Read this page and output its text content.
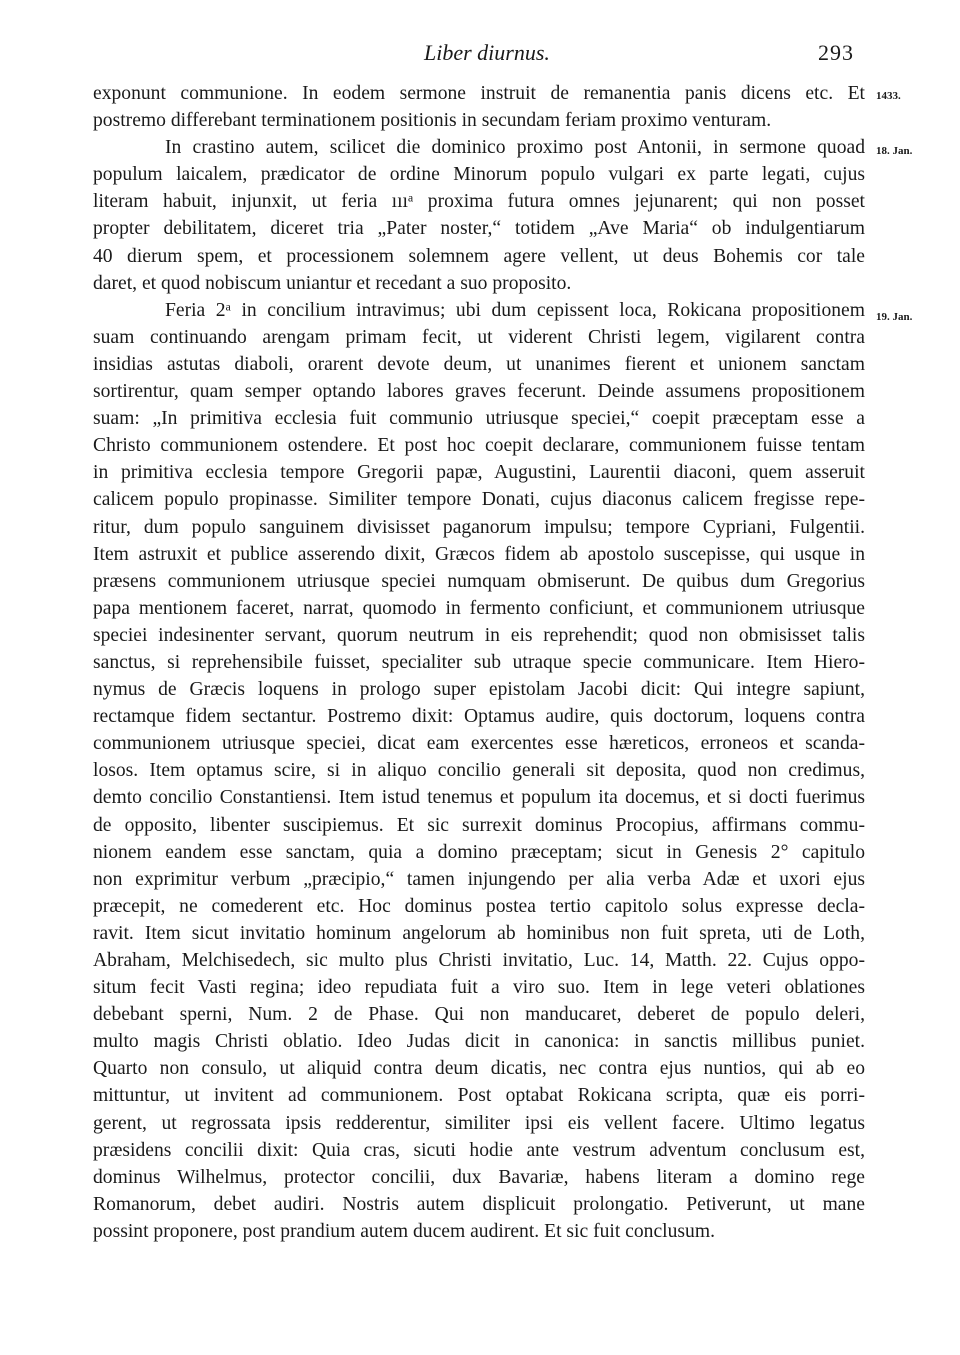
Liber diurnus.	293
1433.
18. Jan.
19. Jan.
exponunt communione. In eodem sermone instruit de remanentia panis dicens etc. Et
postremo differebant terminationem positionis in secundam feriam proximo venturam.
In crastino autem, scilicet die dominico proximo post Antonii, in sermone quoad
populum laicalem, prædicator de ordine Minorum populo vulgari ex parte legati, cujus
literam habuit, injunxit, ut feria ıııᵃ proxima futura omnes jejunarent; qui non posset
propter debilitatem, diceret tria „Pater noster,“ totidem „Ave Maria“ ob indulgentiarum
40 dierum spem, et processionem solemnem agere vellent, ut deus Bohemis cor tale
daret, et quod nobiscum uniantur et recedant a suo proposito.
Feria 2ᵃ in concilium intravimus; ubi dum cepissent loca, Rokicana propositionem
suam continuando arengam primam fecit, ut viderent Christi legem, vigilarent contra
insidias astutas diaboli, orarent devote deum, ut unanimes fierent et unionem sanctam
sortirentur, quam semper optando labores graves fecerunt. Deinde assumens propositionem
suam: „In primitiva ecclesia fuit communio utriusque speciei,“ coepit præceptam esse a
Christo communionem ostendere. Et post hoc coepit declarare, communionem fuisse tentam
in primitiva ecclesia tempore Gregorii papæ, Augustini, Laurentii diaconi, quem asseruit
calicem populo propinasse. Similiter tempore Donati, cujus diaconus calicem fregisse repe-
ritur, dum populo sanguinem divisisset paganorum impulsu; tempore Cypriani, Fulgentii.
Item astruxit et publice asserendo dixit, Græcos fidem ab apostolo suscepisse, qui usque in
præsens communionem utriusque speciei numquam obmiserunt. De quibus dum Gregorius
papa mentionem faceret, narrat, quomodo in fermento conficiunt, et communionem utriusque
speciei indesinenter servant, quorum neutrum in eis reprehendit; quod non obmisisset talis
sanctus, si reprehensibile fuisset, specialiter sub utraque specie communicare. Item Hiero-
nymus de Græcis loquens in prologo super epistolam Jacobi dicit: Qui integre sapiunt,
rectamque fidem sectantur. Postremo dixit: Optamus audire, quis doctorum, loquens contra
communionem utriusque speciei, dicat eam exercentes esse hæreticos, erroneos et scanda-
losos. Item optamus scire, si in aliquo concilio generali sit deposita, quod non credimus,
demto concilio Constantiensi. Item istud tenemus et populum ita docemus, et si docti fuerimus
de opposito, libenter suscipiemus. Et sic surrexit dominus Procopius, affirmans commu-
nionem eandem esse sanctam, quia a domino præceptam; sicut in Genesis 2° capitulo
non exprimitur verbum „præcipio,“ tamen injungendo per alia verba Adæ et uxori ejus
præcepit, ne comederent etc. Hoc dominus postea tertio capitolo solus expresse decla-
ravit. Item sicut invitatio hominum angelorum ab hominibus non fuit spreta, uti de Loth,
Abraham, Melchisedech, sic multo plus Christi invitatio, Luc. 14, Matth. 22. Cujus oppo-
situm fecit Vasti regina; ideo repudiata fuit a viro suo. Item in lege veteri oblationes
debebant sperni, Num. 2 de Phase. Qui non manducaret, deberet de populo deleri,
multo magis Christi oblatio. Ideo Judas dicit in canonica: in sanctis millibus puniet.
Quarto non consulo, ut aliquid contra deum dicatis, nec contra ejus nuntios, qui ab eo
mittuntur, ut invitent ad communionem. Post optabat Rokicana scripta, quæ eis porri-
gerent, ut regrossata ipsis redderentur, similiter ipsi eis vellent facere. Ultimo legatus
præsidens concilii dixit: Quia cras, sicuti hodie ante vestrum adventum conclusum est,
dominus Wilhelmus, protector concilii, dux Bavariæ, habens literam a domino rege
Romanorum, debet audiri. Nostris autem displicuit prolongatio. Petiverunt, ut mane
possint proponere, post prandium autem ducem audirent. Et sic fuit conclusum.
